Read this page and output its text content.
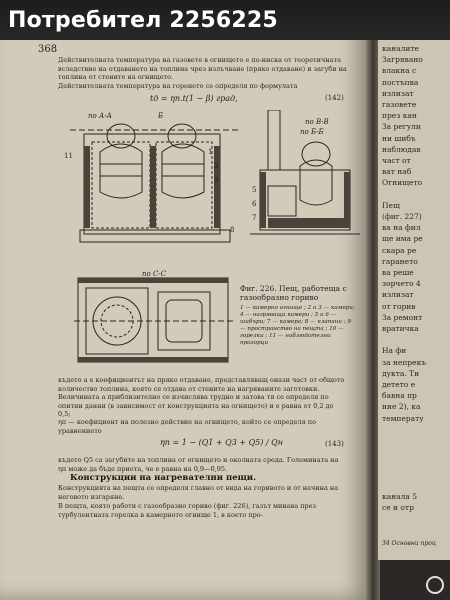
368
Действителната температура на газовете в огнището е по-ниска от теоретичната вследствие на отдаването на топлина чрез излъчване (пряко отдаване) и загуби на топлина от стените на огнището.
Действителната температура на горенето се определя по формулата
tд = ηп.t(1 − β) град,	(142)
по А-А	Б
11	1
2
3
8
по В-В
по Б-Б
5
6
7
по С-С
Фиг. 226. Пещ, работеща с газообразно гориво
1 — камерно огнище ; 2 и 3 — камери; 4 — нагряващи камери ; 5 и 6 — шибъри; 7 — камера; 8 — клапани ; 9 — пространство на пещта ; 10 — горелки ; 11 — наблюдателни прозорци
където а е коефициентът на пряко отдаване, представляващ онази част от общото количество топлина, която се отдава от стените на нагряваните заготовки. Величината а приблизително се изчислява трудно и затова тя се определя по опитни данни (в зависимост от конструкцията на огнището) и е равна от 0,2 до 0,5;
ηп — коефициент на полезно действие на огнището, който се определя по уравнението
ηп = 1 − (Q1 + Q3 + Q5) / Qн	(143)
където Q5 са загубите на топлина от огнището и околната среда. Големината на ηп може да бъде приета, че е равна на 0,9—0,95.
Конструкции на нагревателни пещи.
Конструкцията на пещта се определя главно от вида на горивото и от начина на неговото изгаряне.
В пещта, която работи с газообразно гориво (фиг. 226), газът минава през турбулентната горелка в камерното огнище 1, в което про-
каналите
Загрявано
влакна с
постъпва
излизат
газовете
през кан
За регули
ни шибъ
наблюдав
част от
ват наб
Огнището
Пещ
(фиг. 227)
ва на фил
ще има ре
скара ре
гарането
ва реше
зорчето 4
излизат
от горив
За ремонт
вратичка
На фи
за непрекъ
дукта. Ти
детето е
бавна пр
ние 2), ка
температу
канала 5
се и отр
34 Основни проц
Потребител 2256225
